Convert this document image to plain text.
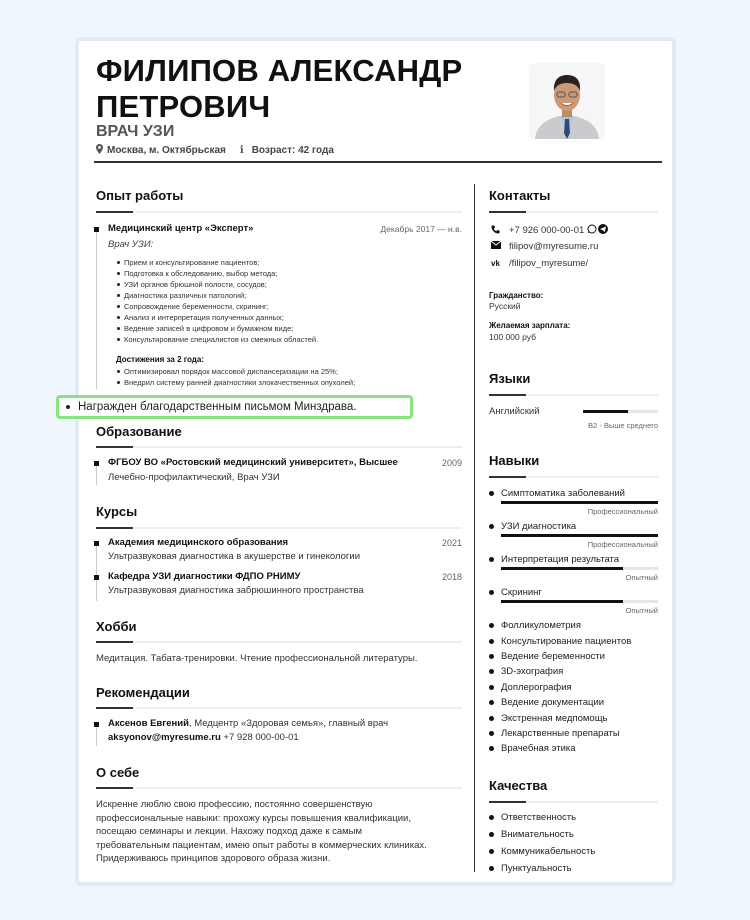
ФИЛИПОВ АЛЕКСАНДР ПЕТРОВИЧ
ВРАЧ УЗИ
Москва, м. Октябрьская i Возраст: 42 года
Опыт работы
Медицинский центр «Эксперт»	Декабрь 2017 — н.в.
Врач УЗИ:
Прием и консультирование пациентов;
Подготовка к обследованию, выбор метода;
УЗИ органов брюшной полости, сосудов;
Диагностика различных патологий;
Сопровождение беременности, скрининг;
Анализ и интерпретация полученных данных;
Ведение записей в цифровом и бумажном виде;
Консультирование специалистов из смежных областей.
Достижения за 2 года:
Оптимизировал порядок массовой диспансеризации на 25%;
Внедрил систему ранней диагностики злокачественных опухолей;
Награжден благодарственным письмом Минздрава.
Образование
ФГБОУ ВО «Ростовский медицинский университет», Высшее	2009
Лечебно-профилактический, Врач УЗИ
Курсы
Академия медицинского образования	2021
Ультразвуковая диагностика в акушерстве и гинекологии
Кафедра УЗИ диагностики ФДПО РНИМУ	2018
Ультразвуковая диагностика забрюшинного пространства
Хобби
Медитация. Табата-тренировки. Чтение профессиональной литературы.
Рекомендации
Аксенов Евгений, Медцентр «Здоровая семья», главный врач
aksyonov@myresume.ru +7 928 000-00-01
О себе
Искренне люблю свою профессию, постоянно совершенствую профессиональные навыки: прохожу курсы повышения квалификации, посещаю семинары и лекции. Нахожу подход даже к самым требовательным пациентам, имею опыт работы в коммерческих клиниках. Придерживаюсь принципов здорового образа жизни.
Контакты
+7 926 000-00-01
filipov@myresume.ru
vk /filipov_myresume/
Гражданство:
Русский
Желаемая зарплата:
100 000 руб
Языки
Английский
B2 - Выше среднего
Навыки
Симптоматика заболеваний
Профессиональный
УЗИ диагностика
Профессиональный
Интерпретация результата
Опытный
Скрининг
Опытный
Фолликулометрия
Консультирование пациентов
Ведение беременности
3D-эхография
Доплерография
Ведение документации
Экстренная медпомощь
Лекарственные препараты
Врачебная этика
Качества
Ответственность
Внимательность
Коммуникабельность
Пунктуальность
